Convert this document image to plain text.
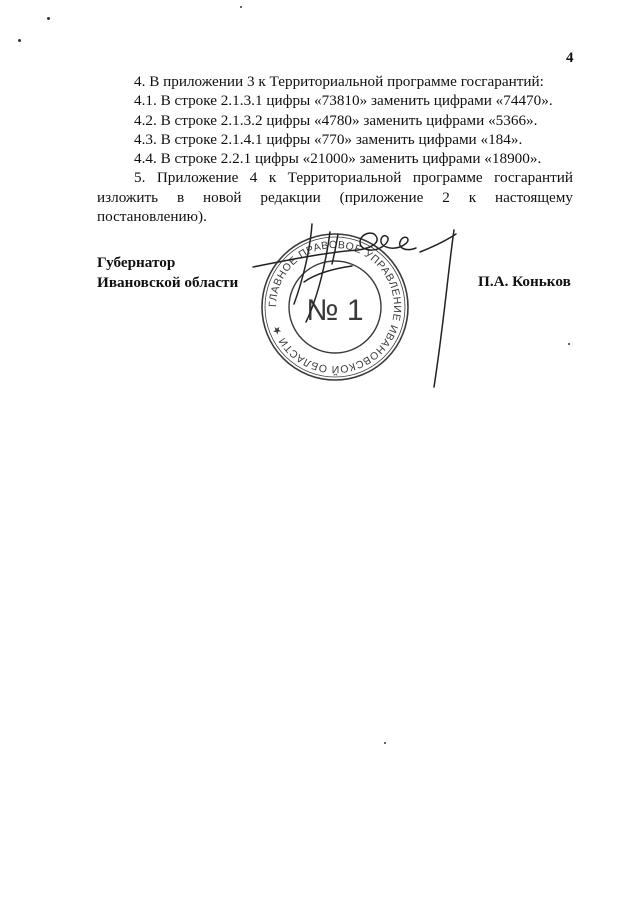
4

4. В приложении 3 к Территориальной программе госгарантий:

4.1. В строке 2.1.3.1 цифры «73810» заменить цифрами «74470».

4.2. В строке 2.1.3.2 цифры «4780» заменить цифрами «5366».

4.3. В строке 2.1.4.1 цифры «770» заменить цифрами «184».

4.4. В строке 2.2.1 цифры «21000» заменить цифрами «18900».

5. Приложение 4 к Территориальной программе госгарантий изложить в новой редакции (приложение 2 к настоящему постановлению).

Губернатор
Ивановской области	П.А. Коньков
ГЛАВНОЕ ПРАВОВОЕ УПРАВЛЕНИЕ ИВАНОВСКОЙ ОБЛАСТИ ★
№ 1
